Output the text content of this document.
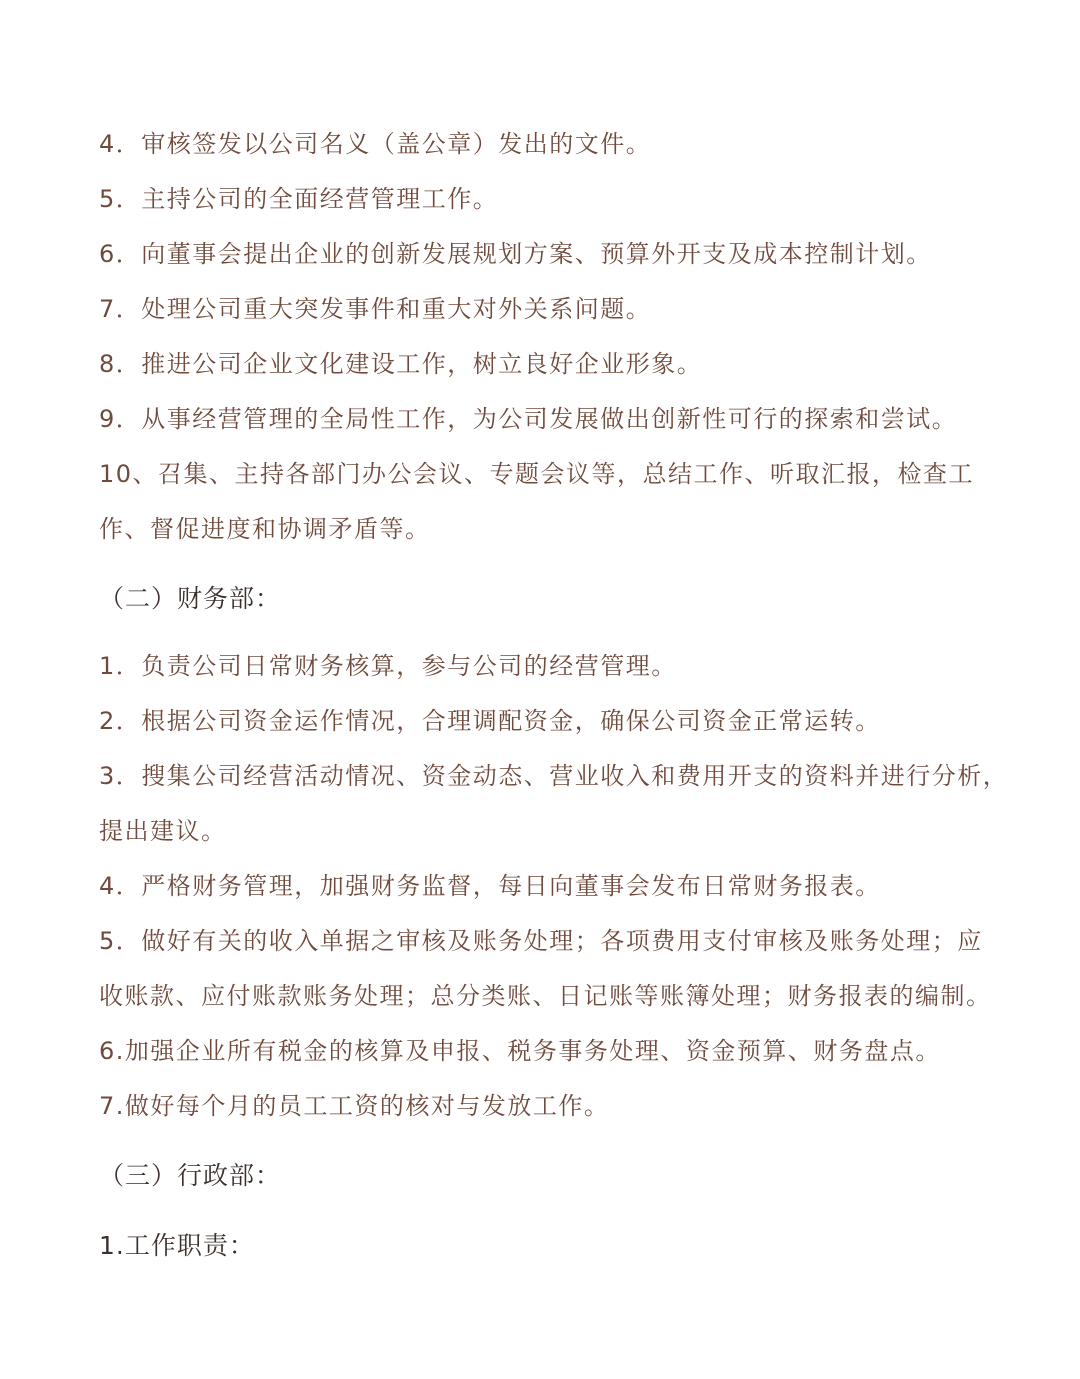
4．审核签发以公司名义（盖公章）发出的文件。
5．主持公司的全面经营管理工作。
6．向董事会提出企业的创新发展规划方案、预算外开支及成本控制计划。
7．处理公司重大突发事件和重大对外关系问题。
8．推进公司企业文化建设工作，树立良好企业形象。
9．从事经营管理的全局性工作，为公司发展做出创新性可行的探索和尝试。
10、召集、主持各部门办公会议、专题会议等，总结工作、听取汇报，检查工
作、督促进度和协调矛盾等。
（二）财务部：
1．负责公司日常财务核算，参与公司的经营管理。
2．根据公司资金运作情况，合理调配资金，确保公司资金正常运转。
3．搜集公司经营活动情况、资金动态、营业收入和费用开支的资料并进行分析，
提出建议。
4．严格财务管理，加强财务监督，每日向董事会发布日常财务报表。
5．做好有关的收入单据之审核及账务处理；各项费用支付审核及账务处理；应
收账款、应付账款账务处理；总分类账、日记账等账簿处理；财务报表的编制。
6.加强企业所有税金的核算及申报、税务事务处理、资金预算、财务盘点。
7.做好每个月的员工工资的核对与发放工作。
（三）行政部：
1.工作职责：
